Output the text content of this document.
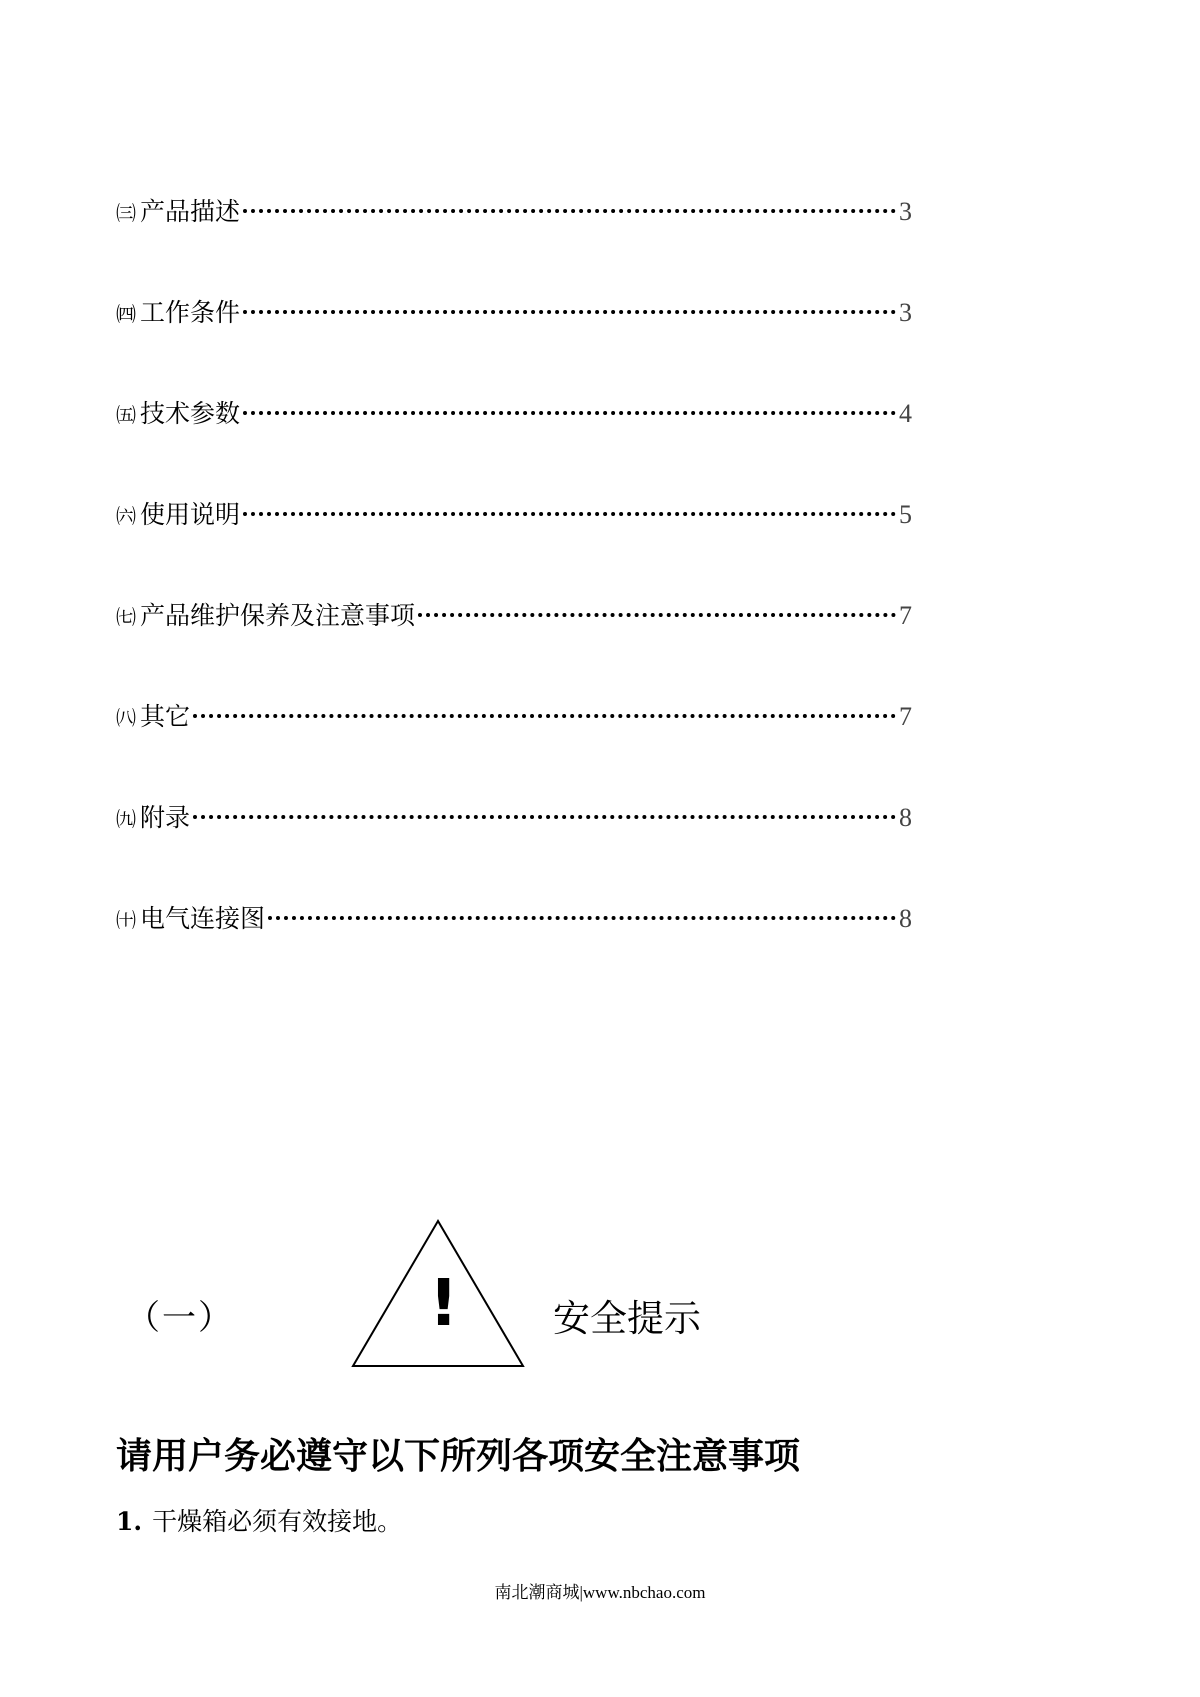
㈢ 产品描述	3
㈣ 工作条件	3
㈤ 技术参数	4
㈥ 使用说明	5
㈦ 产品维护保养及注意事项	7
㈧ 其它	7
㈨ 附录	8
㈩ 电气连接图	8
（一）	!	安全提示
请用户务必遵守以下所列各项安全注意事项
1. 干燥箱必须有效接地。
南北潮商城|www.nbchao.com
